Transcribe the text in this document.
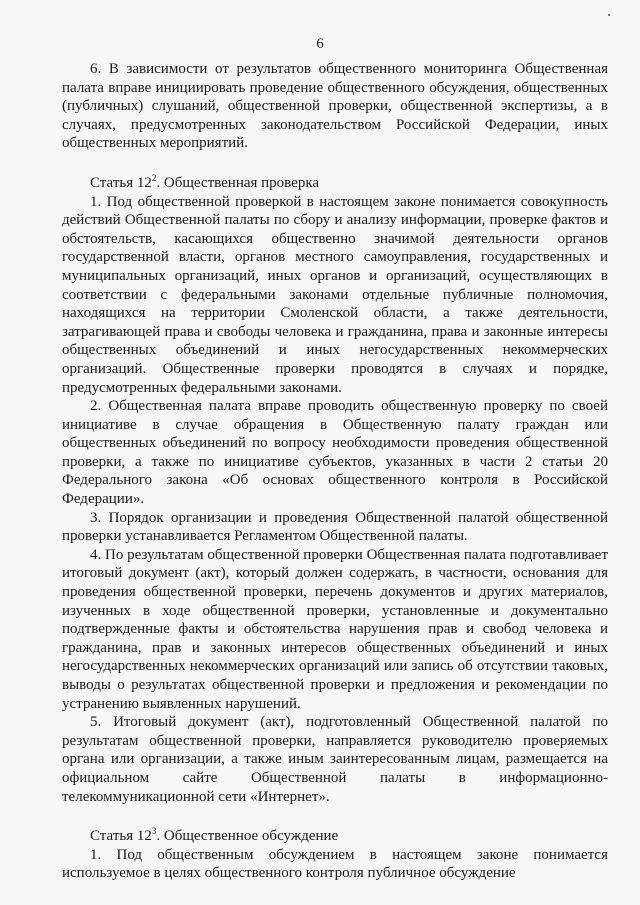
6

6. В зависимости от результатов общественного мониторинга Общественная палата вправе инициировать проведение общественного обсуждения, общественных (публичных) слушаний, общественной проверки, общественной экспертизы, а в случаях, предусмотренных законодательством Российской Федерации, иных общественных мероприятий.

Статья $12^2$. Общественная проверка

1. Под общественной проверкой в настоящем законе понимается совокупность действий Общественной палаты по сбору и анализу информации, проверке фактов и обстоятельств, касающихся общественно значимой деятельности органов государственной власти, органов местного самоуправления, государственных и муниципальных организаций, иных органов и организаций, осуществляющих в соответствии с федеральными законами отдельные публичные полномочия, находящихся на территории Смоленской области, а также деятельности, затрагивающей права и свободы человека и гражданина, права и законные интересы общественных объединений и иных негосударственных некоммерческих организаций. Общественные проверки проводятся в случаях и порядке, предусмотренных федеральными законами.

2. Общественная палата вправе проводить общественную проверку по своей инициативе в случае обращения в Общественную палату граждан или общественных объединений по вопросу необходимости проведения общественной проверки, а также по инициативе субъектов, указанных в части 2 статьи 20 Федерального закона «Об основах общественного контроля в Российской Федерации».

3. Порядок организации и проведения Общественной палатой общественной проверки устанавливается Регламентом Общественной палаты.

4. По результатам общественной проверки Общественная палата подготавливает итоговый документ (акт), который должен содержать, в частности, основания для проведения общественной проверки, перечень документов и других материалов, изученных в ходе общественной проверки, установленные и документально подтвержденные факты и обстоятельства нарушения прав и свобод человека и гражданина, прав и законных интересов общественных объединений и иных негосударственных некоммерческих организаций или запись об отсутствии таковых, выводы о результатах общественной проверки и предложения и рекомендации по устранению выявленных нарушений.

5. Итоговый документ (акт), подготовленный Общественной палатой по результатам общественной проверки, направляется руководителю проверяемых органа или организации, а также иным заинтересованным лицам, размещается на официальном сайте Общественной палаты в информационно-телекоммуникационной сети «Интернет».

Статья $12^3$. Общественное обсуждение

1. Под общественным обсуждением в настоящем законе понимается используемое в целях общественного контроля публичное обсуждение
